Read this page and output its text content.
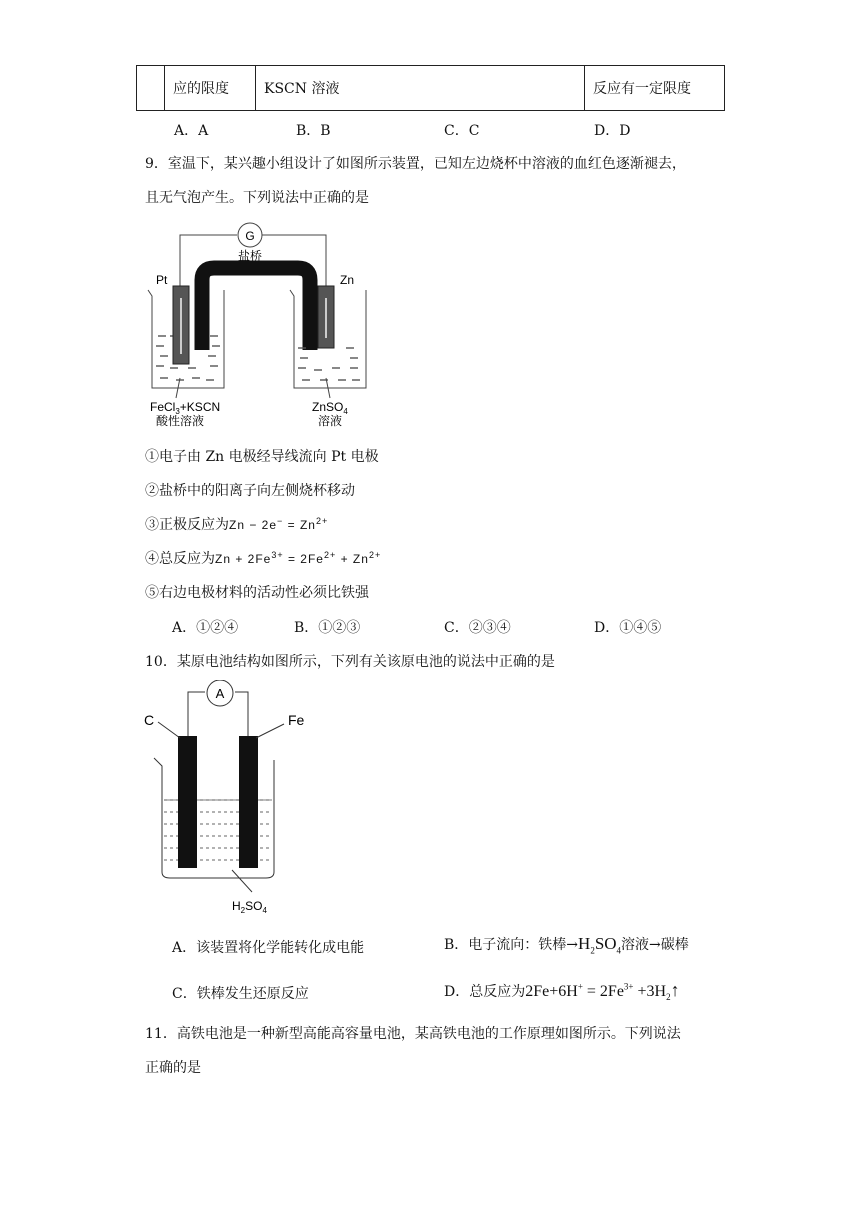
	应的限度	KSCN 溶液	反应有一定限度
A．A	B．B	C．C	D．D
9．室温下，某兴趣小组设计了如图所示装置，已知左边烧杯中溶液的血红色逐渐褪去，
且无气泡产生。下列说法中正确的是
G
盐桥
Pt	Zn
FeCl$_3$+KSCN
酸性溶液
ZnSO$_4$
溶液
①电子由 Zn 电极经导线流向 Pt 电极
②盐桥中的阳离子向左侧烧杯移动
③正极反应为$Zn - 2e^- = Zn^{2+}$
④总反应为$Zn + 2Fe^{3+} = 2Fe^{2+} + Zn^{2+}$
⑤右边电极材料的活动性必须比铁强
A．①②④	B．①②③	C．②③④	D．①④⑤
10．某原电池结构如图所示，下列有关该原电池的说法中正确的是
A
C	Fe
$H_2SO_4$
A．该装置将化学能转化成电能	B．电子流向：铁棒$\to H_2SO_4$溶液→碳棒
C．铁棒发生还原反应	D．总反应为$2Fe+6H^+ = 2Fe^{3+}$ $+3H_2↑$
11．高铁电池是一种新型高能高容量电池，某高铁电池的工作原理如图所示。下列说法
正确的是
